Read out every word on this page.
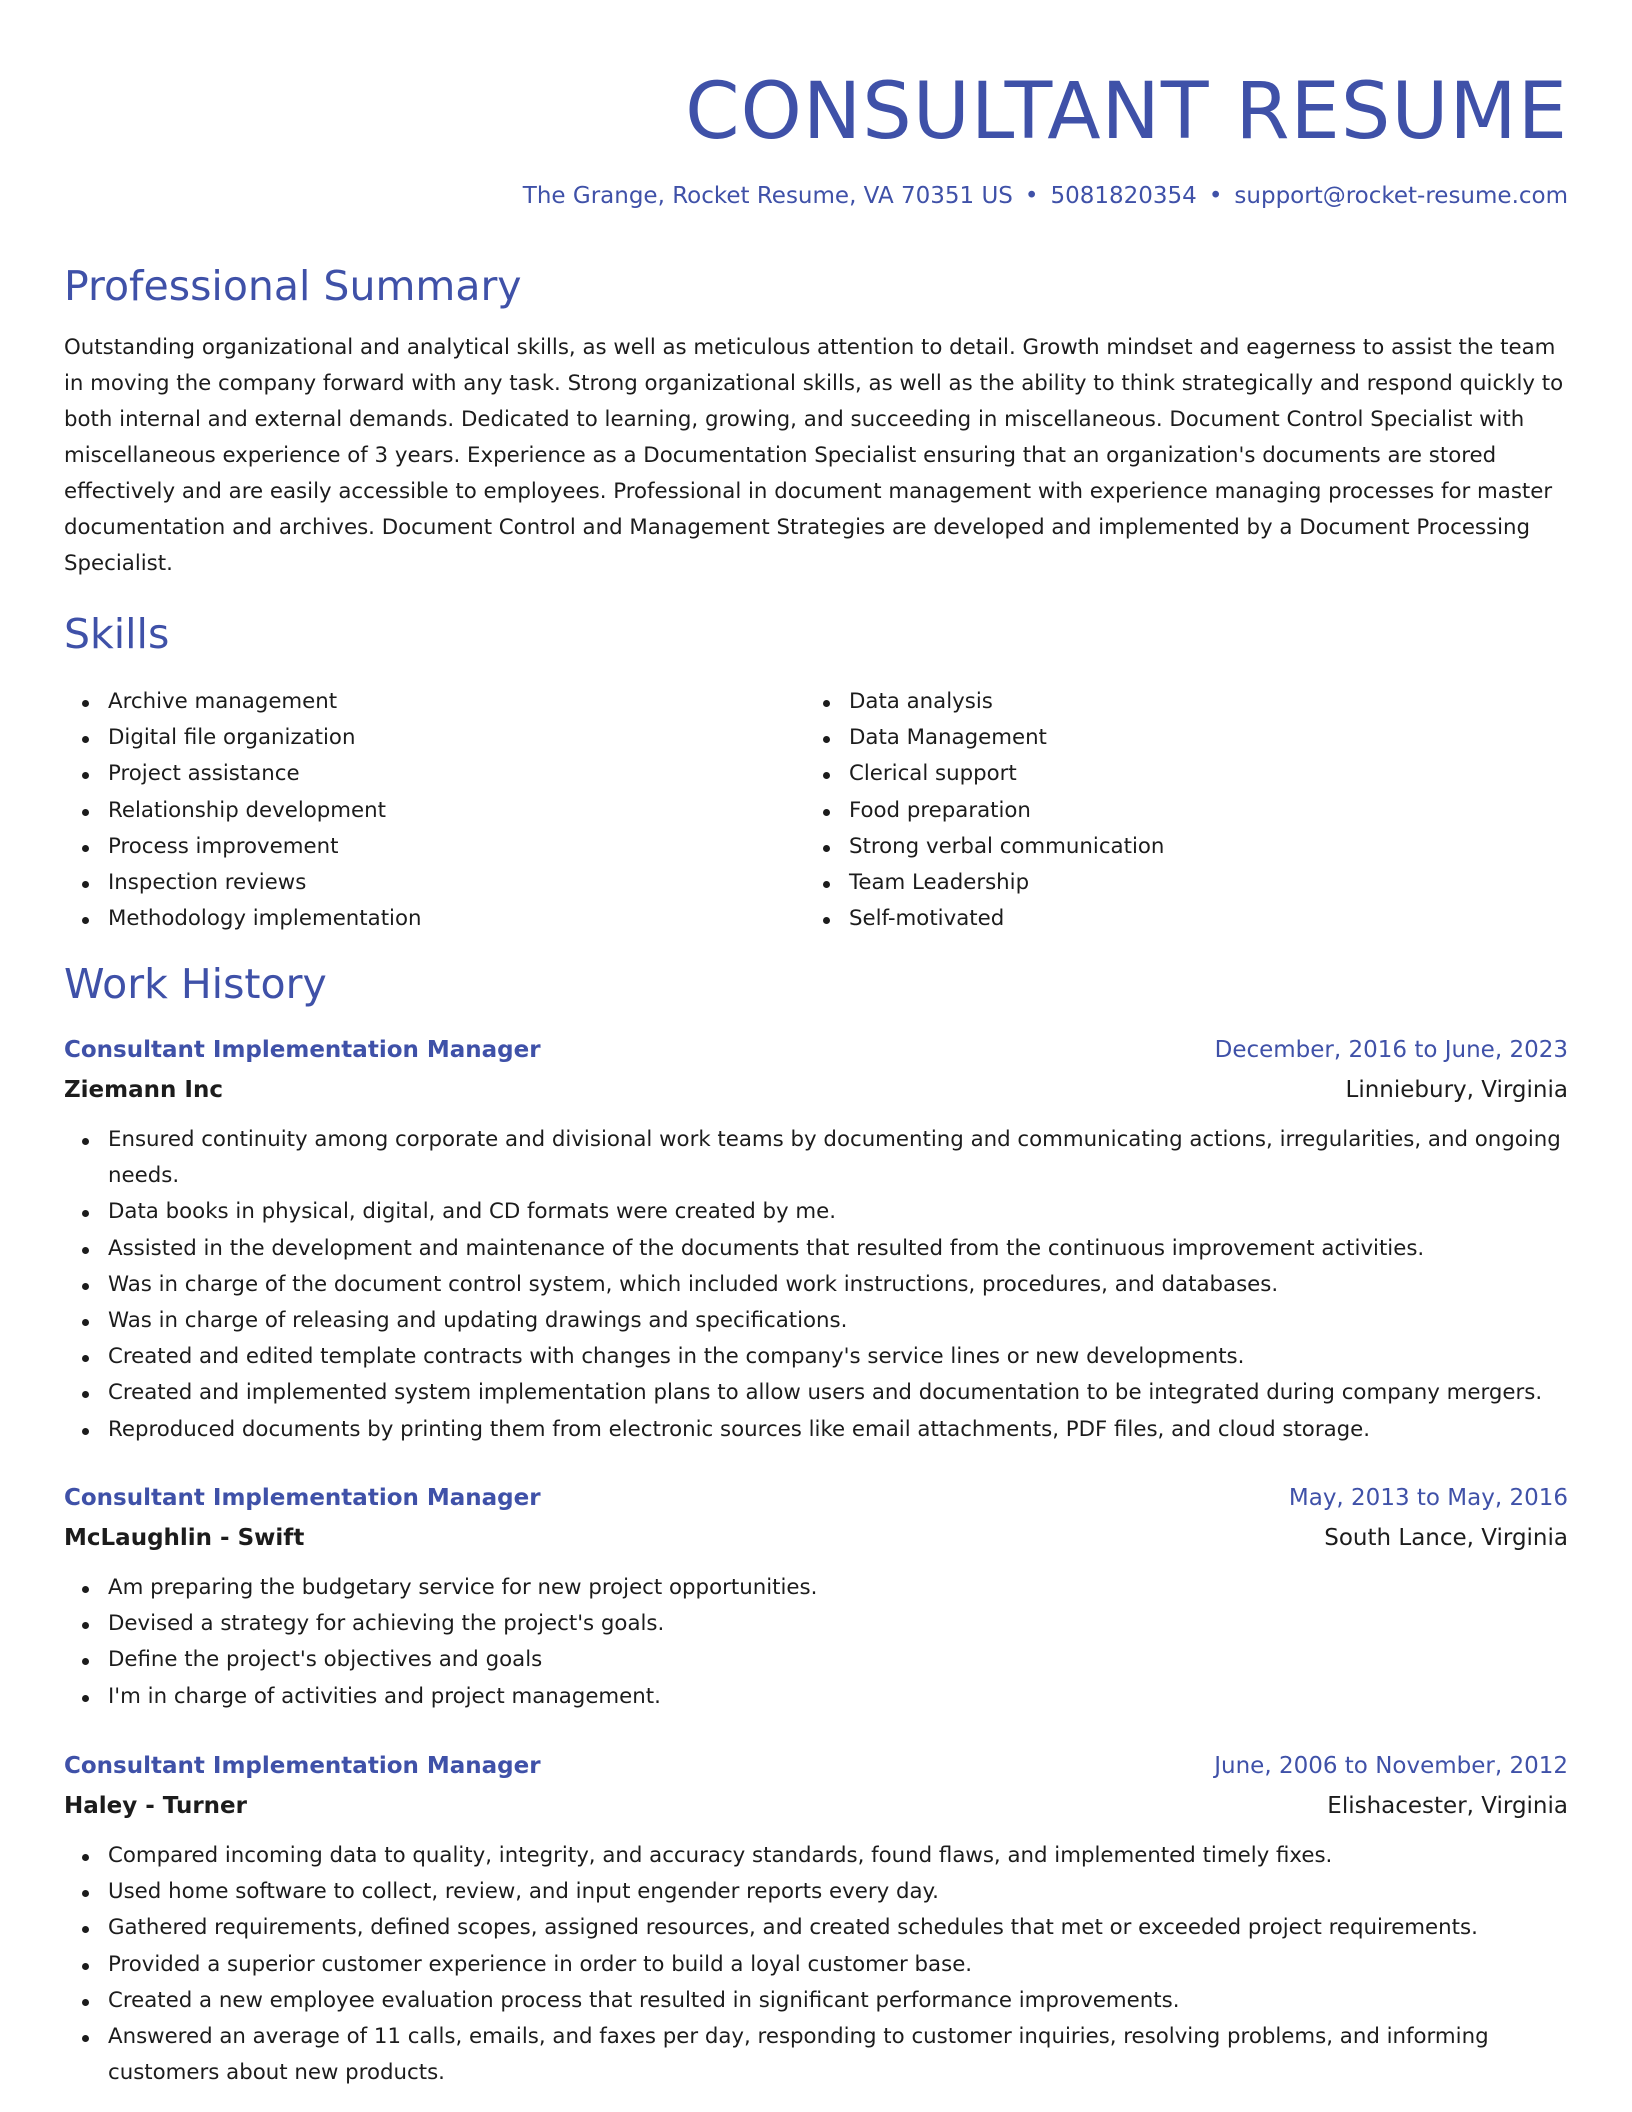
CONSULTANT RESUME
The Grange, Rocket Resume, VA 70351 US • 5081820354 • support@rocket-resume.com
Professional Summary
Outstanding organizational and analytical skills, as well as meticulous attention to detail. Growth mindset and eagerness to assist the team in moving the company forward with any task. Strong organizational skills, as well as the ability to think strategically and respond quickly to both internal and external demands. Dedicated to learning, growing, and succeeding in miscellaneous. Document Control Specialist with miscellaneous experience of 3 years. Experience as a Documentation Specialist ensuring that an organization's documents are stored effectively and are easily accessible to employees. Professional in document management with experience managing processes for master documentation and archives. Document Control and Management Strategies are developed and implemented by a Document Processing Specialist.
Skills
Archive management
Digital file organization
Project assistance
Relationship development
Process improvement
Inspection reviews
Methodology implementation
Data analysis
Data Management
Clerical support
Food preparation
Strong verbal communication
Team Leadership
Self-motivated
Work History
Consultant Implementation Manager	December, 2016 to June, 2023
Ziemann Inc	Linniebury, Virginia
Ensured continuity among corporate and divisional work teams by documenting and communicating actions, irregularities, and ongoing needs.
Data books in physical, digital, and CD formats were created by me.
Assisted in the development and maintenance of the documents that resulted from the continuous improvement activities.
Was in charge of the document control system, which included work instructions, procedures, and databases.
Was in charge of releasing and updating drawings and specifications.
Created and edited template contracts with changes in the company's service lines or new developments.
Created and implemented system implementation plans to allow users and documentation to be integrated during company mergers.
Reproduced documents by printing them from electronic sources like email attachments, PDF files, and cloud storage.
Consultant Implementation Manager	May, 2013 to May, 2016
McLaughlin - Swift	South Lance, Virginia
Am preparing the budgetary service for new project opportunities.
Devised a strategy for achieving the project's goals.
Define the project's objectives and goals
I'm in charge of activities and project management.
Consultant Implementation Manager	June, 2006 to November, 2012
Haley - Turner	Elishacester, Virginia
Compared incoming data to quality, integrity, and accuracy standards, found flaws, and implemented timely fixes.
Used home software to collect, review, and input engender reports every day.
Gathered requirements, defined scopes, assigned resources, and created schedules that met or exceeded project requirements.
Provided a superior customer experience in order to build a loyal customer base.
Created a new employee evaluation process that resulted in significant performance improvements.
Answered an average of 11 calls, emails, and faxes per day, responding to customer inquiries, resolving problems, and informing customers about new products.
